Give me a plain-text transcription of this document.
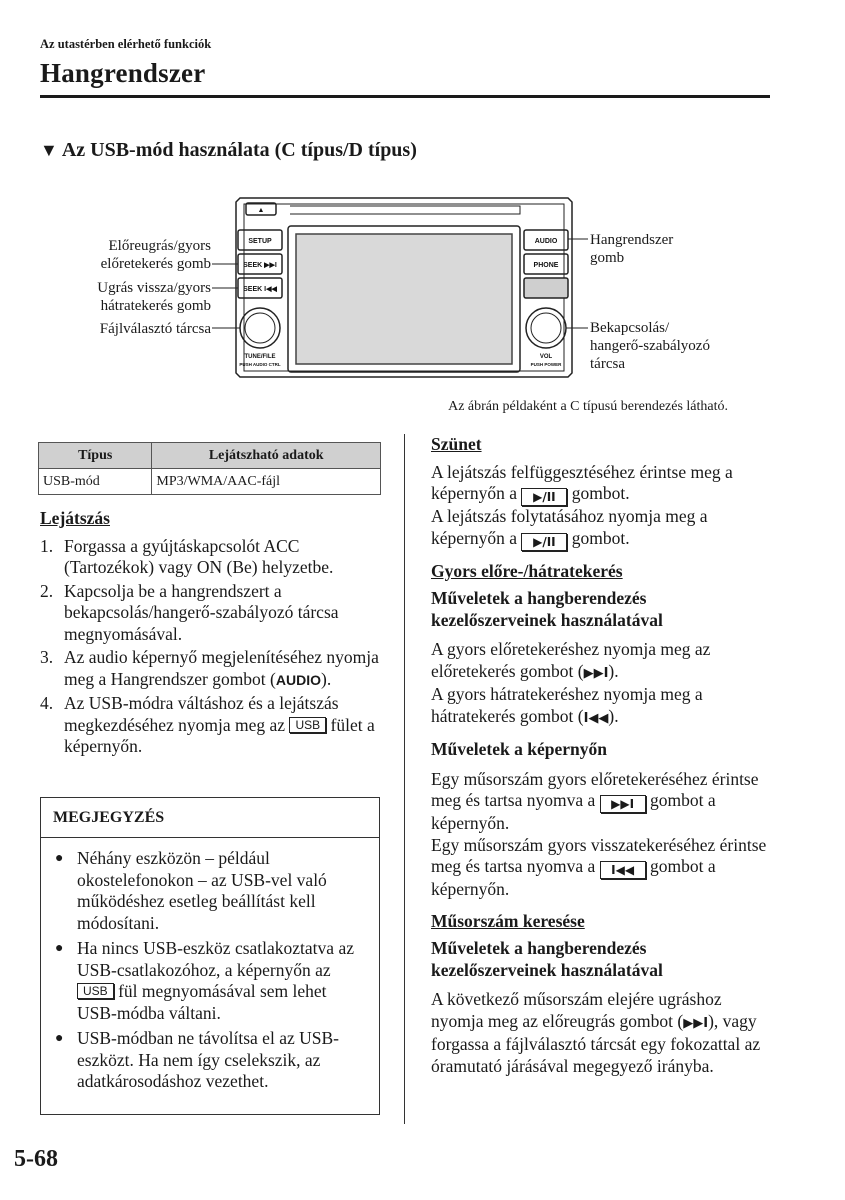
Az utastérben elérhető funkciók
Hangrendszer
▼ Az USB-mód használata (C típus/D típus)
▲
SETUP
SEEK ▶▶I
SEEK I◀◀
AUDIO
PHONE
TUNE/FILE
PUSH AUDIO CTRL
VOL
PUSH POWER
Előreugrás/gyors
előretekerés gomb
Ugrás vissza/gyors
hátratekerés gomb
Fájlválasztó tárcsa
Hangrendszer
gomb
Bekapcsolás/
hangerő-szabályozó
tárcsa
Az ábrán példaként a C típusú berendezés látható.
Típus	Lejátszható adatok
USB-mód	MP3/WMA/AAC-fájl
Lejátszás
1. Forgassa a gyújtáskapcsolót ACC (Tartozékok) vagy ON (Be) helyzetbe.
2. Kapcsolja be a hangrendszert a bekapcsolás/hangerő-szabályozó tárcsa megnyomásával.
3. Az audio képernyő megjelenítéséhez nyomja meg a Hangrendszer gombot (AUDIO).
4. Az USB-módra váltáshoz és a lejátszás megkezdéséhez nyomja meg az USB fület a képernyőn.
MEGJEGYZÉS
● Néhány eszközön – például okostelefonokon – az USB-vel való működéshez esetleg beállítást kell módosítani.
● Ha nincs USB-eszköz csatlakoztatva az USB-csatlakozóhoz, a képernyőn az USB fül megnyomásával sem lehet USB-módba váltani.
● USB-módban ne távolítsa el az USB-eszközt. Ha nem így cselekszik, az adatkárosodáshoz vezethet.
Szünet

A lejátszás felfüggesztéséhez érintse meg a képernyőn a ▶/II gombot.
A lejátszás folytatásához nyomja meg a képernyőn a ▶/II gombot.

Gyors előre-/hátratekerés
Műveletek a hangberendezés kezelőszerveinek használatával

A gyors előretekeréshez nyomja meg az előretekerés gombot (▶▶I).
A gyors hátratekeréshez nyomja meg a hátratekerés gombot (I◀◀).

Műveletek a képernyőn

Egy műsorszám gyors előretekeréséhez érintse meg és tartsa nyomva a ▶▶I gombot a képernyőn.
Egy műsorszám gyors visszatekeréséhez érintse meg és tartsa nyomva a I◀◀ gombot a képernyőn.

Műsorszám keresése
Műveletek a hangberendezés kezelőszerveinek használatával

A következő műsorszám elejére ugráshoz nyomja meg az előreugrás gombot (▶▶I), vagy forgassa a fájlválasztó tárcsát egy fokozattal az óramutató járásával megegyező irányba.

5-68
